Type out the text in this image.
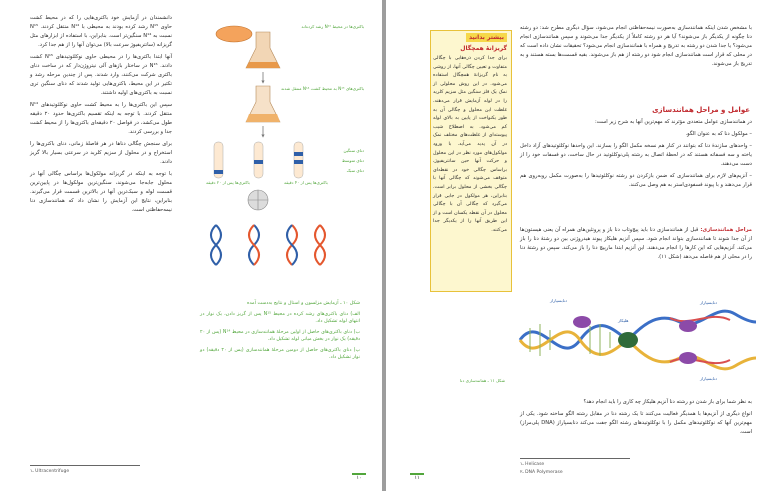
دانشمندان در آزمایش خود باکتری‌هایی را که در محیط کشت حاوی N¹⁵ رشد کرده بودند به محیطی با N¹⁴ منتقل کردند. N¹⁵ نسبت به N¹⁴ سنگین‌تر است. بنابراین، با استفاده از ابزارهای مثل گریزانه (سانتریفیوژ سرعت بالا) می‌توان آنها را از هم جدا کرد.

آنها ابتدا باکتری‌ها را در محیطی حاوی نوکلئوتیدهای N¹⁵ کشت دادند. N¹⁵ در ساختار بازهای آلی نیتروژن‌دار که در ساخت دنای باکتری شرکت می‌کنند، وارد شدند. پس از چندین مرحله رشد و تکثیر در این محیط، باکتری‌هایی تولید شدند که دنای سنگین تری نسبت به باکتری‌های اولیه داشتند.

سپس این باکتری‌ها را به محیط کشت حاوی نوکلئوتیدهای N¹⁴ منتقل کردند. با توجه به اینکه تقسیم باکتری‌ها حدود ۲۰ دقیقه طول می‌کشد، در فواصل ۲۰ دقیقه‌ای باکتری‌ها را از محیط کشت جدا و بررسی کردند.

برای سنجش چگالی دناها در هر فاصلهٔ زمانی، دنای باکتری‌ها را استخراج و در محلول از سزیم کلرید در سرعتی بسیار بالا گریز دادند.

با توجه به اینکه در گریزانه مولکول‌ها براساس چگالی آنها در محلول جابه‌جا می‌شوند، سنگین‌ترین مولکول‌ها در پایین‌ترین قسمت لوله و سبک‌ترین آنها در بالاترین قسمت قرار می‌گیرند. بنابراین، نتایج این آزمایش را نشان داد که همانندسازی دنا نیمه‌حفاظتی است.

باکتری‌ها در محیط N¹⁵ رشد کرده‌اند
باکتری‌های N¹⁵ به محیط کشت N¹⁴ منتقل شدند
باکتری‌ها پس از ۲۰ دقیقه	باکتری‌ها پس از ۴۰ دقیقه
دنای سنگین
دنای متوسط
دنای سبک

شکل ۱۰ ـ آزمایش مزلسون و استال و نتایج به‌دست آمده

الف) دنای باکتری‌های رشد کرده در محیط N¹⁵ پس از گریز دادن، یک نوار در انتهای لوله تشکیل داد.

ب) دنای باکتری‌های حاصل از اولین مرحلهٔ همانندسازی در محیط N¹⁴ (پس از ۲۰ دقیقه) یک نوار در بخش میانی لوله تشکیل داد.

پ) دنای باکتری‌های حاصل از دومین مرحلهٔ همانندسازی (پس از ۴۰ دقیقه) دو نوار تشکیل داد.

۱ـ Ultracentrifuge
۱۰
بیشتر بدانید
گریزانهٔ همچگال
برای جدا کردن ذره‌هایی با چگالی متفاوت و تعیین چگالی آنها، از روشی به نام گریزانهٔ همچگال استفاده می‌شود. در این روش محلولی از نمک یک فلز سنگین مثل سزیم کلرید را در لوله آزمایش قرار می‌دهند. غلظت این محلول و چگالی آن به طور یکنواخت از پایین به بالای لوله کم می‌شود. به اصطلاح شیب پیوسته‌ای از غلظت‌های مختلف نمک در آن پدید می‌آید. با ورود مولکول‌های مورد نظر در این محلول و حرکت آنها حین سانتریفیوژ، براساس چگالی خود در نقطه‌ای متوقف می‌شوند که چگالی آنها با چگالی بخشی از محلول برابر است. بنابراین، هر مولکول در جایی قرار می‌گیرد که چگالی آن با چگالی محلول در آن نقطه یکسان است و از این طریق آنها را از یکدیگر جدا می‌کنند.

با مشخص شدن اینکه همانندسازی به‌صورت نیمه‌حفاظتی انجام می‌شود، سؤال دیگری مطرح شد: دو رشته دنا چگونه از یکدیگر باز می‌شوند؟ آیا هر دو رشته کاملاً از یکدیگر جدا می‌شوند و سپس همانندسازی انجام می‌شود؟ یا جدا شدن دو رشته به تدریج و همراه با همانندسازی انجام می‌شود؟ تحقیقات نشان داده است که در محلی که قرار است همانندسازی انجام شود دو رشته از هم باز می‌شوند. بقیه قسمت‌ها بسته هستند و به تدریج باز می‌شوند.

عوامل و مراحل همانندسازی

در همانندسازی عوامل متعددی مؤثرند که مهم‌ترین آنها به شرح زیر است:

– مولکول دنا که به عنوان الگو.

– واحدهای سازندهٔ دنا که بتوانند در کنار هم نسخه مکمل الگو را بسازند. این واحدها نوکلئوتیدهای آزاد داخل یاخته و سه فسفاته هستند که در لحظهٔ اتصال به رشته پلی‌نوکلئوتید در حال ساخت، دو فسفات خود را از دست می‌دهند.

– آنزیم‌های لازم برای همانندسازی که ضمن بازکردن دو رشته نوکلئوتیدها را به‌صورت مکمل روبه‌روی هم قرار می‌دهند و با پیوند فسفودی‌استر به هم وصل می‌کنند.

مراحل همانندسازی: قبل از همانندسازی دنا باید پیچ‌وتاب دنا باز و پروتئین‌های همراه آن یعنی هیستون‌ها از آن جدا شوند تا همانندسازی بتواند انجام شود. سپس آنزیم هلیکاز پیوند هیدروژنی بین دو رشتهٔ دنا را باز می‌کند. آنزیم‌هایی که این کارها را انجام می‌دهند. این آنزیم ابتدا مارپیچ دنا را باز می‌کند. سپس دو رشتهٔ دنا را در محلی از هم فاصله می‌دهد (شکل ۱۱).

دنابسپاراز
هلیکاز
دنابسپاراز
دنابسپاراز
شکل ۱۱ ـ همانندسازی دنا

به نظر شما برای باز شدن دو رشته دنا آنزیم هلیکاز چه کاری را باید انجام دهد؟

انواع دیگری از آنزیم‌ها با همدیگر فعالیت می‌کنند تا یک رشته دنا در مقابل رشته الگو ساخته شود. یکی از مهم‌ترین آنها که نوکلئوتیدهای مکمل را با نوکلئوتیدهای رشته الگو جفت می‌کند دنابسپاراز (DNA پلی‌مراز) است.

۱ـ Helicase
۲ـ DNA Polymerase
۱۱
